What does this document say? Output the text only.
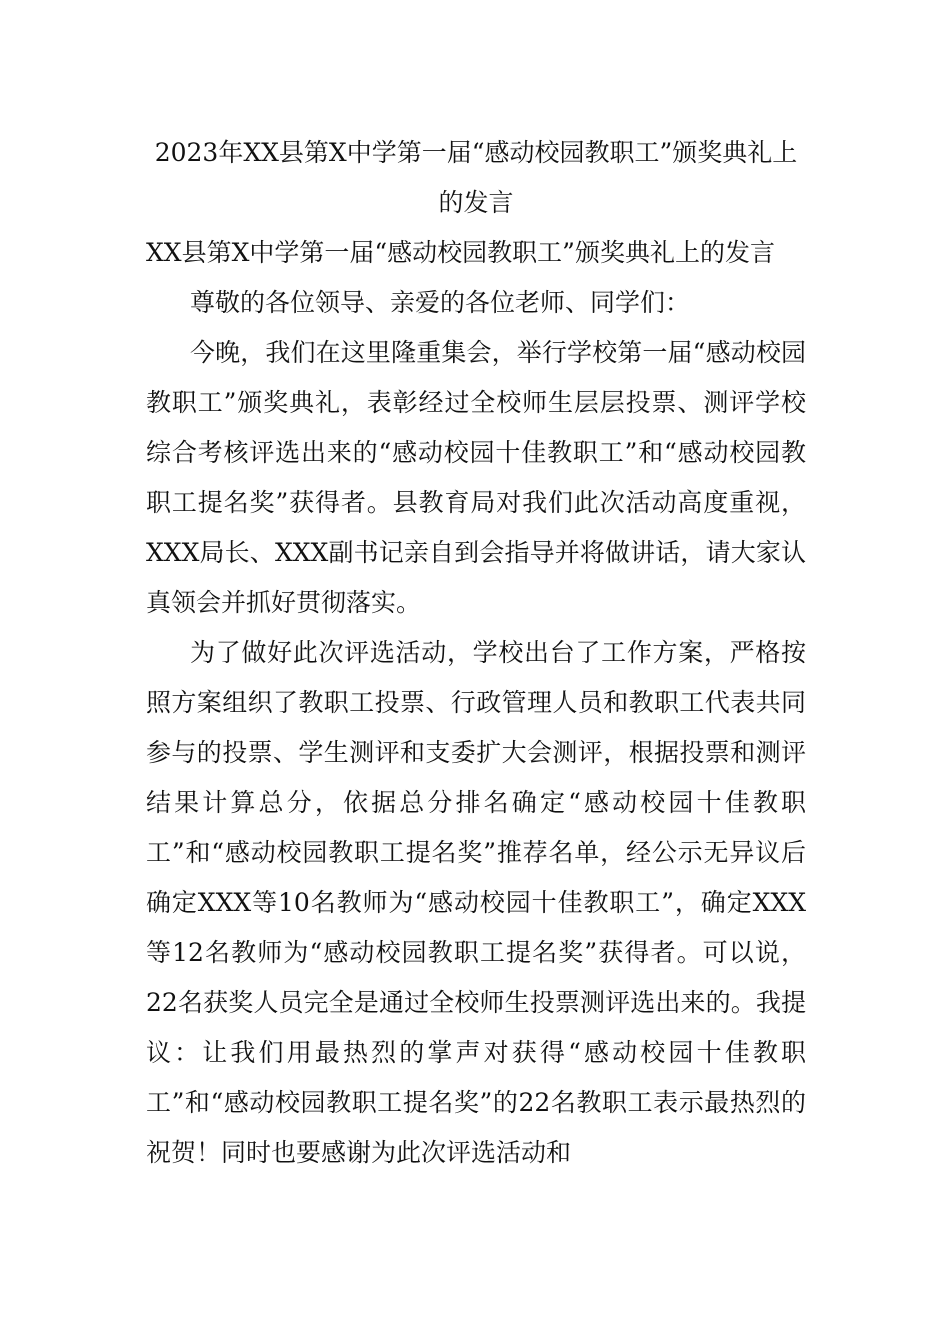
2023年XX县第X中学第一届“感动校园教职工”颁奖典礼上的发言
XX县第X中学第一届“感动校园教职工”颁奖典礼上的发言

尊敬的各位领导、亲爱的各位老师、同学们：

今晚，我们在这里隆重集会，举行学校第一届“感动校园教职工”颁奖典礼，表彰经过全校师生层层投票、测评学校综合考核评选出来的“感动校园十佳教职工”和“感动校园教职工提名奖”获得者。县教育局对我们此次活动高度重视，XXX局长、XXX副书记亲自到会指导并将做讲话，请大家认真领会并抓好贯彻落实。

为了做好此次评选活动，学校出台了工作方案，严格按照方案组织了教职工投票、行政管理人员和教职工代表共同参与的投票、学生测评和支委扩大会测评，根据投票和测评结果计算总分，依据总分排名确定“感动校园十佳教职工”和“感动校园教职工提名奖”推荐名单，经公示无异议后确定XXX等10名教师为“感动校园十佳教职工”，确定XXX等12名教师为“感动校园教职工提名奖”获得者。可以说，22名获奖人员完全是通过全校师生投票测评选出来的。我提议：让我们用最热烈的掌声对获得“感动校园十佳教职工”和“感动校园教职工提名奖”的22名教职工表示最热烈的祝贺！同时也要感谢为此次评选活动和
